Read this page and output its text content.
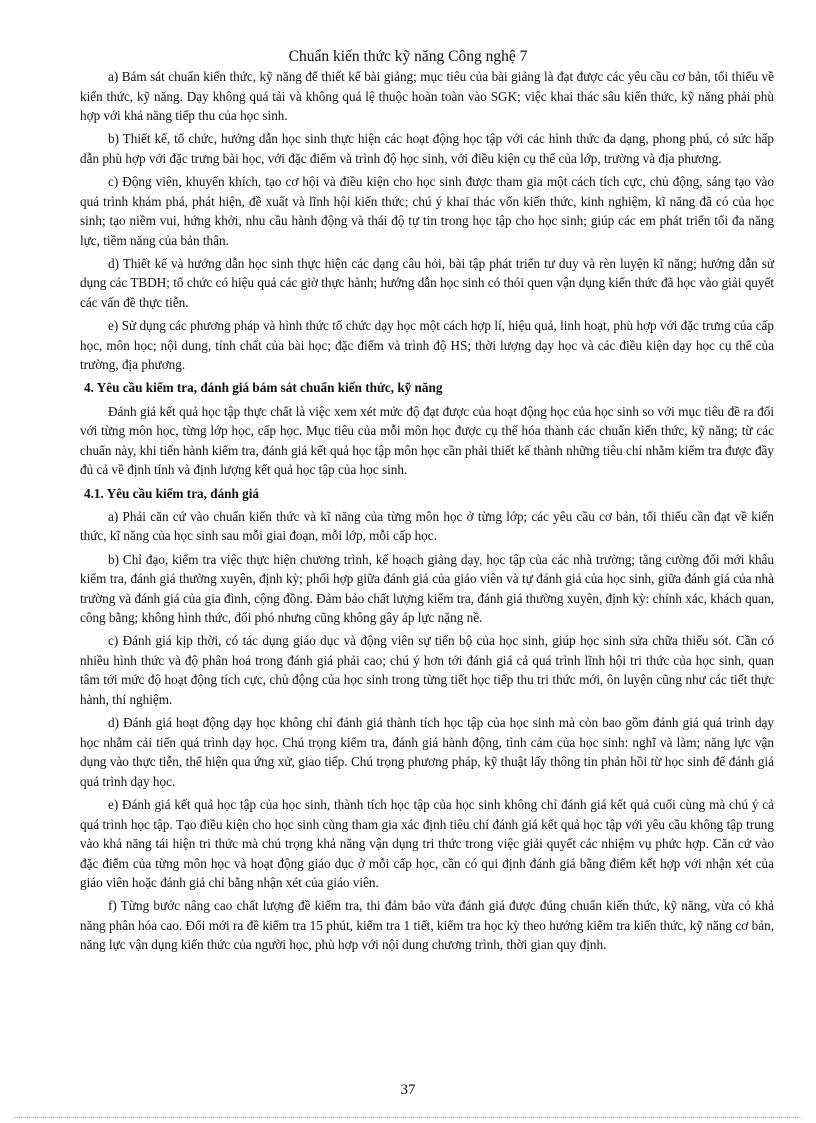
Chuẩn kiến thức kỹ năng Công nghệ 7

a) Bám sát chuẩn kiến thức, kỹ năng để thiết kế bài giảng; mục tiêu của bài giảng là đạt được các yêu cầu cơ bản, tối thiểu về kiến thức, kỹ năng. Dạy không quá tải và không quá lệ thuộc hoàn toàn vào SGK; việc khai thác sâu kiến thức, kỹ năng phải phù hợp với khả năng tiếp thu của học sinh.

b) Thiết kế, tổ chức, hướng dẫn học sinh thực hiện các hoạt động học tập với các hình thức đa dạng, phong phú, có sức hấp dẫn phù hợp với đặc trưng bài học, với đặc điểm và trình độ học sinh, với điều kiện cụ thể của lớp, trường và địa phương.

c) Động viên, khuyến khích, tạo cơ hội và điều kiện cho học sinh được tham gia một cách tích cực, chủ động, sáng tạo vào quá trình khám phá, phát hiện, đề xuất và lĩnh hội kiến thức; chú ý khai thác vốn kiến thức, kinh nghiệm, kĩ năng đã có của học sinh; tạo niềm vui, hứng khởi, nhu cầu hành động và thái độ tự tin trong học tập cho học sinh; giúp các em phát triển tối đa năng lực, tiềm năng của bản thân.

d) Thiết kế và hướng dẫn học sinh thực hiện các dạng câu hỏi, bài tập phát triển tư duy và rèn luyện kĩ năng; hướng dẫn sử dụng các TBDH; tổ chức có hiệu quả các giờ thực hành; hướng dẫn học sinh có thói quen vận dụng kiến thức đã học vào giải quyết các vấn đề thực tiễn.

e) Sử dụng các phương pháp và hình thức tổ chức dạy học một cách hợp lí, hiệu quả, linh hoạt, phù hợp với đặc trưng của cấp học, môn học; nội dung, tính chất của bài học; đặc điểm và trình độ HS; thời lượng dạy học và các điều kiện dạy học cụ thể của trường, địa phương.

4. Yêu cầu kiểm tra, đánh giá bám sát chuẩn kiến thức, kỹ năng

Đánh giá kết quả học tập thực chất là việc xem xét mức độ đạt được của hoạt động học của học sinh so với mục tiêu đề ra đối với từng môn học, từng lớp học, cấp học. Mục tiêu của mỗi môn học được cụ thể hóa thành các chuẩn kiến thức, kỹ năng; từ các chuẩn này, khi tiến hành kiểm tra, đánh giá kết quả học tập môn học cần phải thiết kế thành những tiêu chí nhằm kiểm tra được đầy đủ cả về định tính và định lượng kết quả học tập của học sinh.

4.1. Yêu cầu kiểm tra, đánh giá

a) Phải căn cứ vào chuẩn kiến thức và kĩ năng của từng môn học ở từng lớp; các yêu cầu cơ bản, tối thiểu cần đạt về kiến thức, kĩ năng của học sinh sau mỗi giai đoạn, mỗi lớp, mỗi cấp học.

b) Chỉ đạo, kiểm tra việc thực hiện chương trình, kế hoạch giảng dạy, học tập của các nhà trường; tăng cường đổi mới khâu kiểm tra, đánh giá thường xuyên, định kỳ; phối hợp giữa đánh giá của giáo viên và tự đánh giá của học sinh, giữa đánh giá của nhà trường và đánh giá của gia đình, cộng đồng. Đảm bảo chất lượng kiểm tra, đánh giá thường xuyên, định kỳ: chính xác, khách quan, công bằng; không hình thức, đối phó nhưng cũng không gây áp lực nặng nề.

c) Đánh giá kịp thời, có tác dụng giáo dục và động viên sự tiến bộ của học sinh, giúp học sinh sửa chữa thiếu sót. Cần có nhiều hình thức và độ phân hoá trong đánh giá phải cao; chú ý hơn tới đánh giá cả quá trình lĩnh hội tri thức của học sinh, quan tâm tới mức độ hoạt động tích cực, chủ động của học sinh trong từng tiết học tiếp thu tri thức mới, ôn luyện cũng như các tiết thực hành, thí nghiệm.

d) Đánh giá hoạt động dạy học không chỉ đánh giá thành tích học tập của học sinh mà còn bao gồm đánh giá quá trình dạy học nhằm cải tiến quá trình dạy học. Chú trọng kiểm tra, đánh giá hành động, tình cảm của học sinh: nghĩ và làm; năng lực vận dụng vào thực tiễn, thể hiện qua ứng xử, giao tiếp. Chú trọng phương pháp, kỹ thuật lấy thông tin phản hồi từ học sinh để đánh giá quá trình dạy học.

e) Đánh giá kết quả học tập của học sinh, thành tích học tập của học sinh không chỉ đánh giá kết quả cuối cùng mà chú ý cả quá trình học tập. Tạo điều kiện cho học sinh cùng tham gia xác định tiêu chí đánh giá kết quả học tập với yêu cầu không tập trung vào khả năng tái hiện tri thức mà chú trọng khả năng vận dụng tri thức trong việc giải quyết các nhiệm vụ phức hợp. Căn cứ vào đặc điểm của từng môn học và hoạt động giáo dục ở mỗi cấp học, cần có qui định đánh giá bằng điểm kết hợp với nhận xét của giáo viên hoặc đánh giá chỉ bằng nhận xét của giáo viên.

f) Từng bước nâng cao chất lượng đề kiểm tra, thi đảm bảo vừa đánh giá được đúng chuẩn kiến thức, kỹ năng, vừa có khả năng phân hóa cao. Đổi mới ra đề kiểm tra 15 phút, kiểm tra 1 tiết, kiểm tra học kỳ theo hướng kiểm tra kiến thức, kỹ năng cơ bản, năng lực vận dụng kiến thức của người học, phù hợp với nội dung chương trình, thời gian quy định.

37
